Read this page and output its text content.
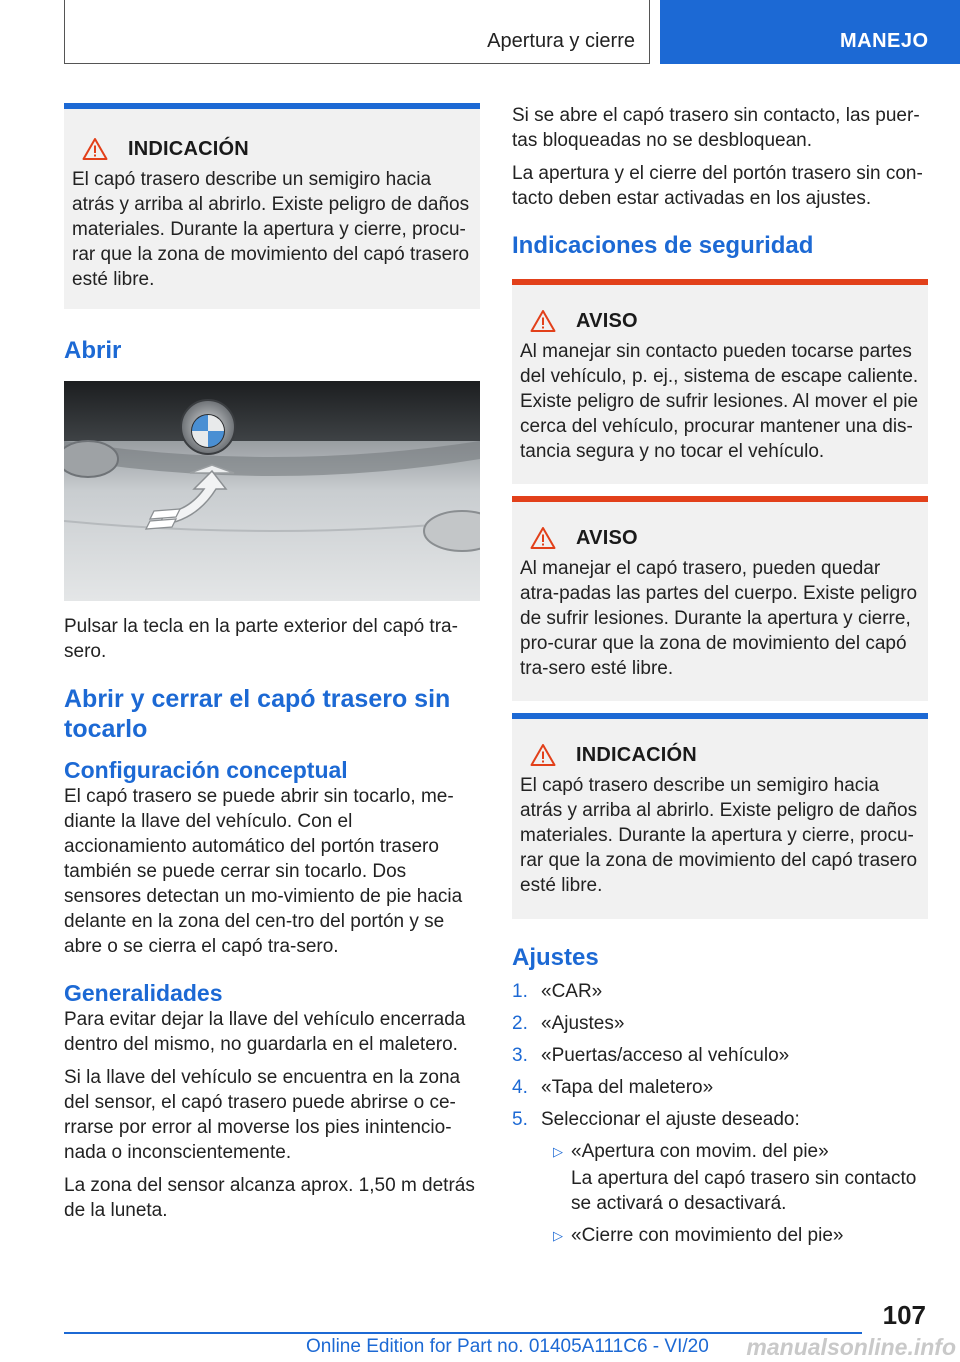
Apertura y cierre	MANEJO
INDICACIÓN
El capó trasero describe un semigiro hacia atrás y arriba al abrirlo. Existe peligro de daños materiales. Durante la apertura y cierre, procu-rar que la zona de movimiento del capó trasero esté libre.
Abrir

Pulsar la tecla en la parte exterior del capó tra-sero.

Abrir y cerrar el capó trasero sin tocarlo
Configuración conceptual

El capó trasero se puede abrir sin tocarlo, me-diante la llave del vehículo. Con el accionamiento automático del portón trasero también se puede cerrar sin tocarlo. Dos sensores detectan un mo-vimiento de pie hacia delante en la zona del cen-tro del portón y se abre o se cierra el capó tra-sero.

Generalidades

Para evitar dejar la llave del vehículo encerrada dentro del mismo, no guardarla en el maletero.

Si la llave del vehículo se encuentra en la zona del sensor, el capó trasero puede abrirse o ce-rrarse por error al moverse los pies inintencio-nada o inconscientemente.

La zona del sensor alcanza aprox. 1,50 m detrás de la luneta.

Si se abre el capó trasero sin contacto, las puer-tas bloqueadas no se desbloquean.

La apertura y el cierre del portón trasero sin con-tacto deben estar activadas en los ajustes.

Indicaciones de seguridad
AVISO
Al manejar sin contacto pueden tocarse partes del vehículo, p. ej., sistema de escape caliente. Existe peligro de sufrir lesiones. Al mover el pie cerca del vehículo, procurar mantener una dis-tancia segura y no tocar el vehículo.
AVISO
Al manejar el capó trasero, pueden quedar atra-padas las partes del cuerpo. Existe peligro de sufrir lesiones. Durante la apertura y cierre, pro-curar que la zona de movimiento del capó tra-sero esté libre.
INDICACIÓN
El capó trasero describe un semigiro hacia atrás y arriba al abrirlo. Existe peligro de daños materiales. Durante la apertura y cierre, procu-rar que la zona de movimiento del capó trasero esté libre.
Ajustes
1. «CAR»
2. «Ajustes»
3. «Puertas/acceso al vehículo»
4. «Tapa del maletero»
5. Seleccionar el ajuste deseado:
▷ «Apertura con movim. del pie»
La apertura del capó trasero sin contacto se activará o desactivará.
▷ «Cierre con movimiento del pie»
107
Online Edition for Part no. 01405A111C6 - VI/20 manualsonline.info
